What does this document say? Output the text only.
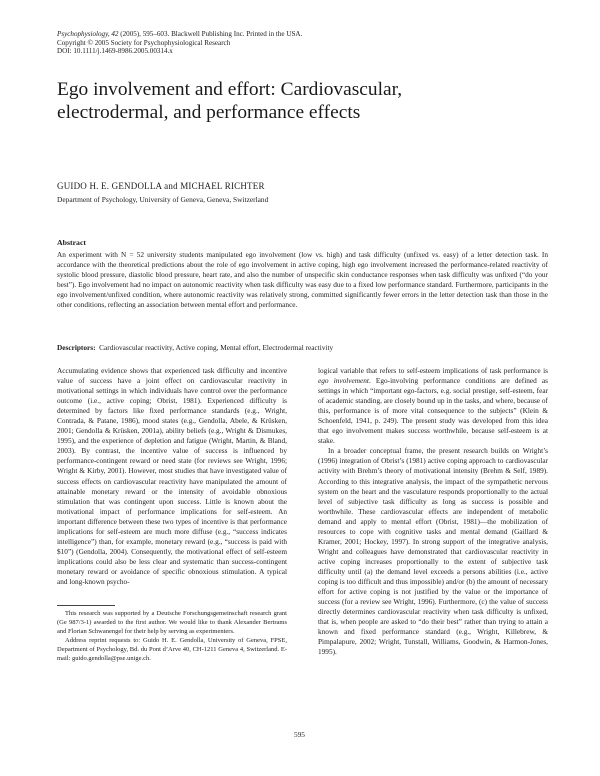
Psychophysiology, 42 (2005), 595–603. Blackwell Publishing Inc. Printed in the USA.
Copyright © 2005 Society for Psychophysiological Research
DOI: 10.1111/j.1469-8986.2005.00314.x
Ego involvement and effort: Cardiovascular,
electrodermal, and performance effects
GUIDO H. E. GENDOLLA and MICHAEL RICHTER
Department of Psychology, University of Geneva, Geneva, Switzerland
Abstract

An experiment with N = 52 university students manipulated ego involvement (low vs. high) and task difficulty (unfixed vs. easy) of a letter detection task. In accordance with the theoretical predictions about the role of ego involvement in active coping, high ego involvement increased the performance-related reactivity of systolic blood pressure, diastolic blood pressure, heart rate, and also the number of unspecific skin conductance responses when task difficulty was unfixed (“do your best”). Ego involvement had no impact on autonomic reactivity when task difficulty was easy due to a fixed low performance standard. Furthermore, participants in the ego involvement/unfixed condition, where autonomic reactivity was relatively strong, committed significantly fewer errors in the letter detection task than those in the other conditions, reflecting an association between mental effort and performance.

Descriptors: Cardiovascular reactivity, Active coping, Mental effort, Electrodermal reactivity

Accumulating evidence shows that experienced task difficulty and incentive value of success have a joint effect on cardiovascular reactivity in motivational settings in which individuals have control over the performance outcome (i.e., active coping; Obrist, 1981). Experienced difficulty is determined by factors like fixed performance standards (e.g., Wright, Contrada, & Patane, 1986), mood states (e.g., Gendolla, Abele, & Krüsken, 2001; Gendolla & Krüsken, 2001a), ability beliefs (e.g., Wright & Dismukes, 1995), and the experience of depletion and fatigue (Wright, Martin, & Bland, 2003). By contrast, the incentive value of success is influenced by performance-contingent reward or need state (for reviews see Wright, 1996; Wright & Kirby, 2001). However, most studies that have investigated value of success effects on cardiovascular reactivity have manipulated the amount of attainable monetary reward or the intensity of avoidable obnoxious stimulation that was contingent upon success. Little is known about the motivational impact of performance implications for self-esteem. An important difference between these two types of incentive is that performance implications for self-esteem are much more diffuse (e.g., “success indicates intelligence”) than, for example, monetary reward (e.g., “success is paid with $10”) (Gendolla, 2004). Consequently, the motivational effect of self-esteem implications could also be less clear and systematic than success-contingent monetary reward or avoidance of specific obnoxious stimulation. A typical and long-known psycho-

logical variable that refers to self-esteem implications of task performance is ego involvement. Ego-involving performance conditions are defined as settings in which “important ego-factors, e.g. social prestige, self-esteem, fear of academic standing, are closely bound up in the tasks, and where, because of this, performance is of more vital consequence to the subjects” (Klein & Schoenfeld, 1941, p. 249). The present study was developed from this idea that ego involvement makes success worthwhile, because self-esteem is at stake.

In a broader conceptual frame, the present research builds on Wright’s (1996) integration of Obrist’s (1981) active coping approach to cardiovascular activity with Brehm’s theory of motivational intensity (Brehm & Self, 1989). According to this integrative analysis, the impact of the sympathetic nervous system on the heart and the vasculature responds proportionally to the actual level of subjective task difficulty as long as success is possible and worthwhile. These cardiovascular effects are independent of metabolic demand and apply to mental effort (Obrist, 1981)—the mobilization of resources to cope with cognitive tasks and mental demand (Gaillard & Kramer, 2001; Hockey, 1997). In strong support of the integrative analysis, Wright and colleagues have demonstrated that cardiovascular reactivity in active coping increases proportionally to the extent of subjective task difficulty until (a) the demand level exceeds a persons abilities (i.e., active coping is too difficult and thus impossible) and/or (b) the amount of necessary effort for active coping is not justified by the value or the importance of success (for a review see Wright, 1996). Furthermore, (c) the value of success directly determines cardiovascular reactivity when task difficulty is unfixed, that is, when people are asked to “do their best” rather than trying to attain a known and fixed performance standard (e.g., Wright, Killebrew, & Pimpalapure, 2002; Wright, Tunstall, Williams, Goodwin, & Harmon-Jones, 1995).

This research was supported by a Deutsche Forschungsgemeinschaft research grant (Ge 987/3-1) awarded to the first author. We would like to thank Alexander Bertrams and Florian Schwanengel for their help by serving as experimenters.

Address reprint requests to: Guido H. E. Gendolla, University of Geneva, FPSE, Department of Psychology, Bd. du Pont d’Arve 40, CH-1211 Geneva 4, Switzerland. E-mail: guido.gendolla@pse.unige.ch.

595
